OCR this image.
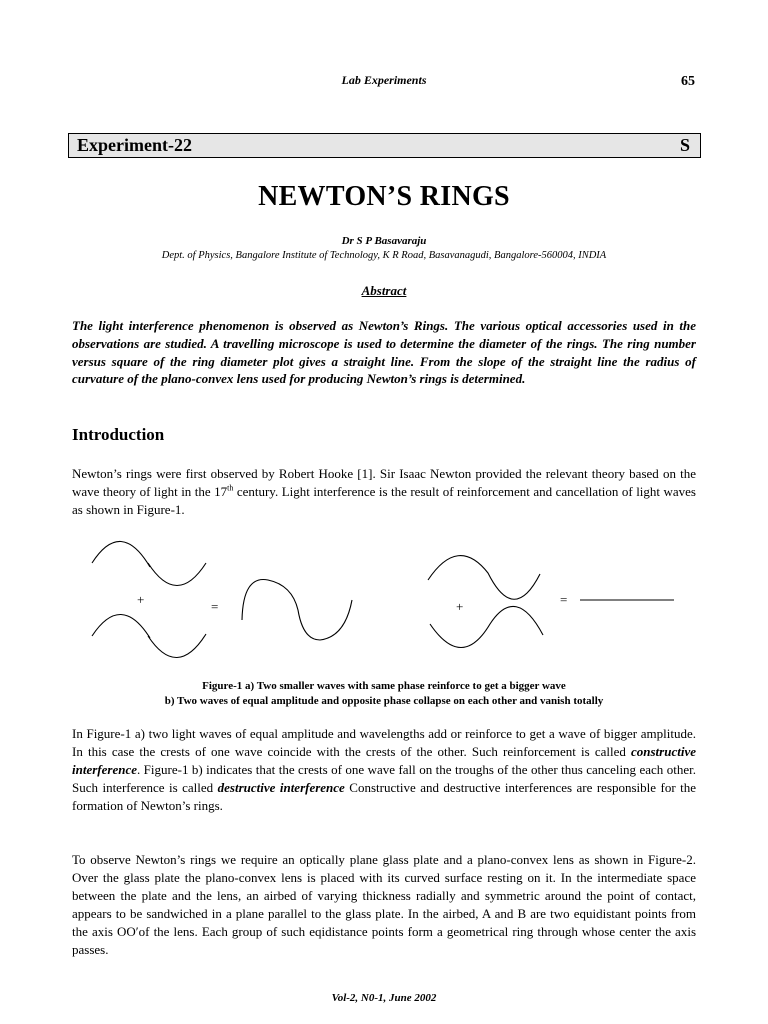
Lab Experiments	65
Experiment-22	S
NEWTON’S RINGS
Dr S P Basavaraju
Dept. of Physics, Bangalore Institute of Technology, K R Road, Basavanagudi, Bangalore-560004, INDIA
Abstract
The light interference phenomenon is observed as Newton’s Rings. The various optical accessories used in the observations are studied. A travelling microscope is used to determine the diameter of the rings. The ring number versus square of the ring diameter plot gives a straight line. From the slope of the straight line the radius of curvature of the plano-convex lens used for producing Newton’s rings is determined.
Introduction
Newton’s rings were first observed by Robert Hooke [1]. Sir Isaac Newton provided the relevant theory based on the wave theory of light in the 17th century. Light interference is the result of reinforcement and cancellation of light waves as shown in Figure-1.
+	=	+	=
Figure-1 a) Two smaller waves with same phase reinforce to get a bigger wave
b) Two waves of equal amplitude and opposite phase collapse on each other and vanish totally
In Figure-1 a) two light waves of equal amplitude and wavelengths add or reinforce to get a wave of bigger amplitude. In this case the crests of one wave coincide with the crests of the other. Such reinforcement is called constructive interference. Figure-1 b) indicates that the crests of one wave fall on the troughs of the other thus canceling each other. Such interference is called destructive interference Constructive and destructive interferences are responsible for the formation of Newton’s rings.
To observe Newton’s rings we require an optically plane glass plate and a plano-convex lens as shown in Figure-2. Over the glass plate the plano-convex lens is placed with its curved surface resting on it. In the intermediate space between the plate and the lens, an airbed of varying thickness radially and symmetric around the point of contact, appears to be sandwiched in a plane parallel to the glass plate. In the airbed, A and B are two equidistant points from the axis OO′of the lens. Each group of such eqidistance points form a geometrical ring through whose center the axis passes.
Vol-2, N0-1, June 2002
